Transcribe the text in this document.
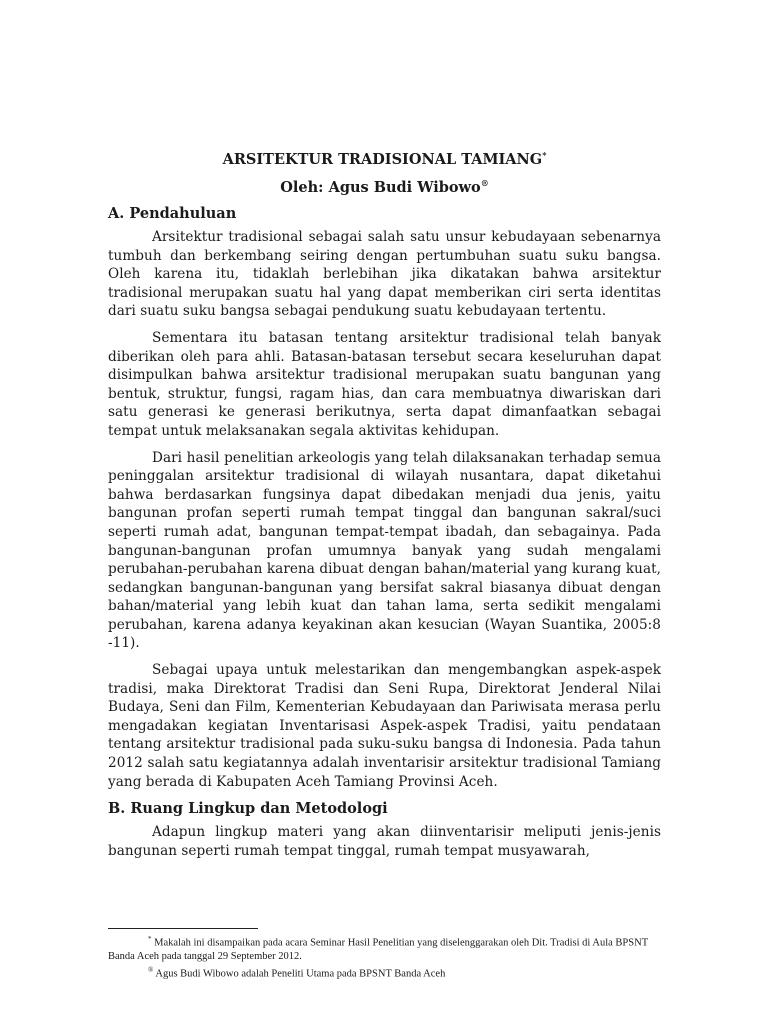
ARSITEKTUR TRADISIONAL TAMIANG*
Oleh: Agus Budi Wibowo®
A. Pendahuluan

Arsitektur tradisional sebagai salah satu unsur kebudayaan sebenarnya tumbuh dan berkembang seiring dengan pertumbuhan suatu suku bangsa. Oleh karena itu, tidaklah berlebihan jika dikatakan bahwa arsitektur tradisional merupakan suatu hal yang dapat memberikan ciri serta identitas dari suatu suku bangsa sebagai pendukung suatu kebudayaan tertentu.

Sementara itu batasan tentang arsitektur tradisional telah banyak diberikan oleh para ahli. Batasan-batasan tersebut secara keseluruhan dapat disimpulkan bahwa arsitektur tradisional merupakan suatu bangunan yang bentuk, struktur, fungsi, ragam hias, dan cara membuatnya diwariskan dari satu generasi ke generasi berikutnya, serta dapat dimanfaatkan sebagai tempat untuk melaksanakan segala aktivitas kehidupan.

Dari hasil penelitian arkeologis yang telah dilaksanakan terhadap semua peninggalan arsitektur tradisional di wilayah nusantara, dapat diketahui bahwa berdasarkan fungsinya dapat dibedakan menjadi dua jenis, yaitu bangunan profan seperti rumah tempat tinggal dan bangunan sakral/suci seperti rumah adat, bangunan tempat-tempat ibadah, dan sebagainya. Pada bangunan-bangunan profan umumnya banyak yang sudah mengalami perubahan-perubahan karena dibuat dengan bahan/material yang kurang kuat, sedangkan bangunan-bangunan yang bersifat sakral biasanya dibuat dengan bahan/material yang lebih kuat dan tahan lama, serta sedikit mengalami perubahan, karena adanya keyakinan akan kesucian (Wayan Suantika, 2005:8 -11).

Sebagai upaya untuk melestarikan dan mengembangkan aspek-aspek tradisi, maka Direktorat Tradisi dan Seni Rupa, Direktorat Jenderal Nilai Budaya, Seni dan Film, Kementerian Kebudayaan dan Pariwisata merasa perlu mengadakan kegiatan Inventarisasi Aspek-aspek Tradisi, yaitu pendataan tentang arsitektur tradisional pada suku-suku bangsa di Indonesia. Pada tahun 2012 salah satu kegiatannya adalah inventarisir arsitektur tradisional Tamiang yang berada di Kabupaten Aceh Tamiang Provinsi Aceh.

B. Ruang Lingkup dan Metodologi

Adapun lingkup materi yang akan diinventarisir meliputi jenis-jenis bangunan seperti rumah tempat tinggal, rumah tempat musyawarah,

* Makalah ini disampaikan pada acara Seminar Hasil Penelitian yang diselenggarakan oleh Dit. Tradisi di Aula BPSNT Banda Aceh pada tanggal 29 September 2012.

® Agus Budi Wibowo adalah Peneliti Utama pada BPSNT Banda Aceh
